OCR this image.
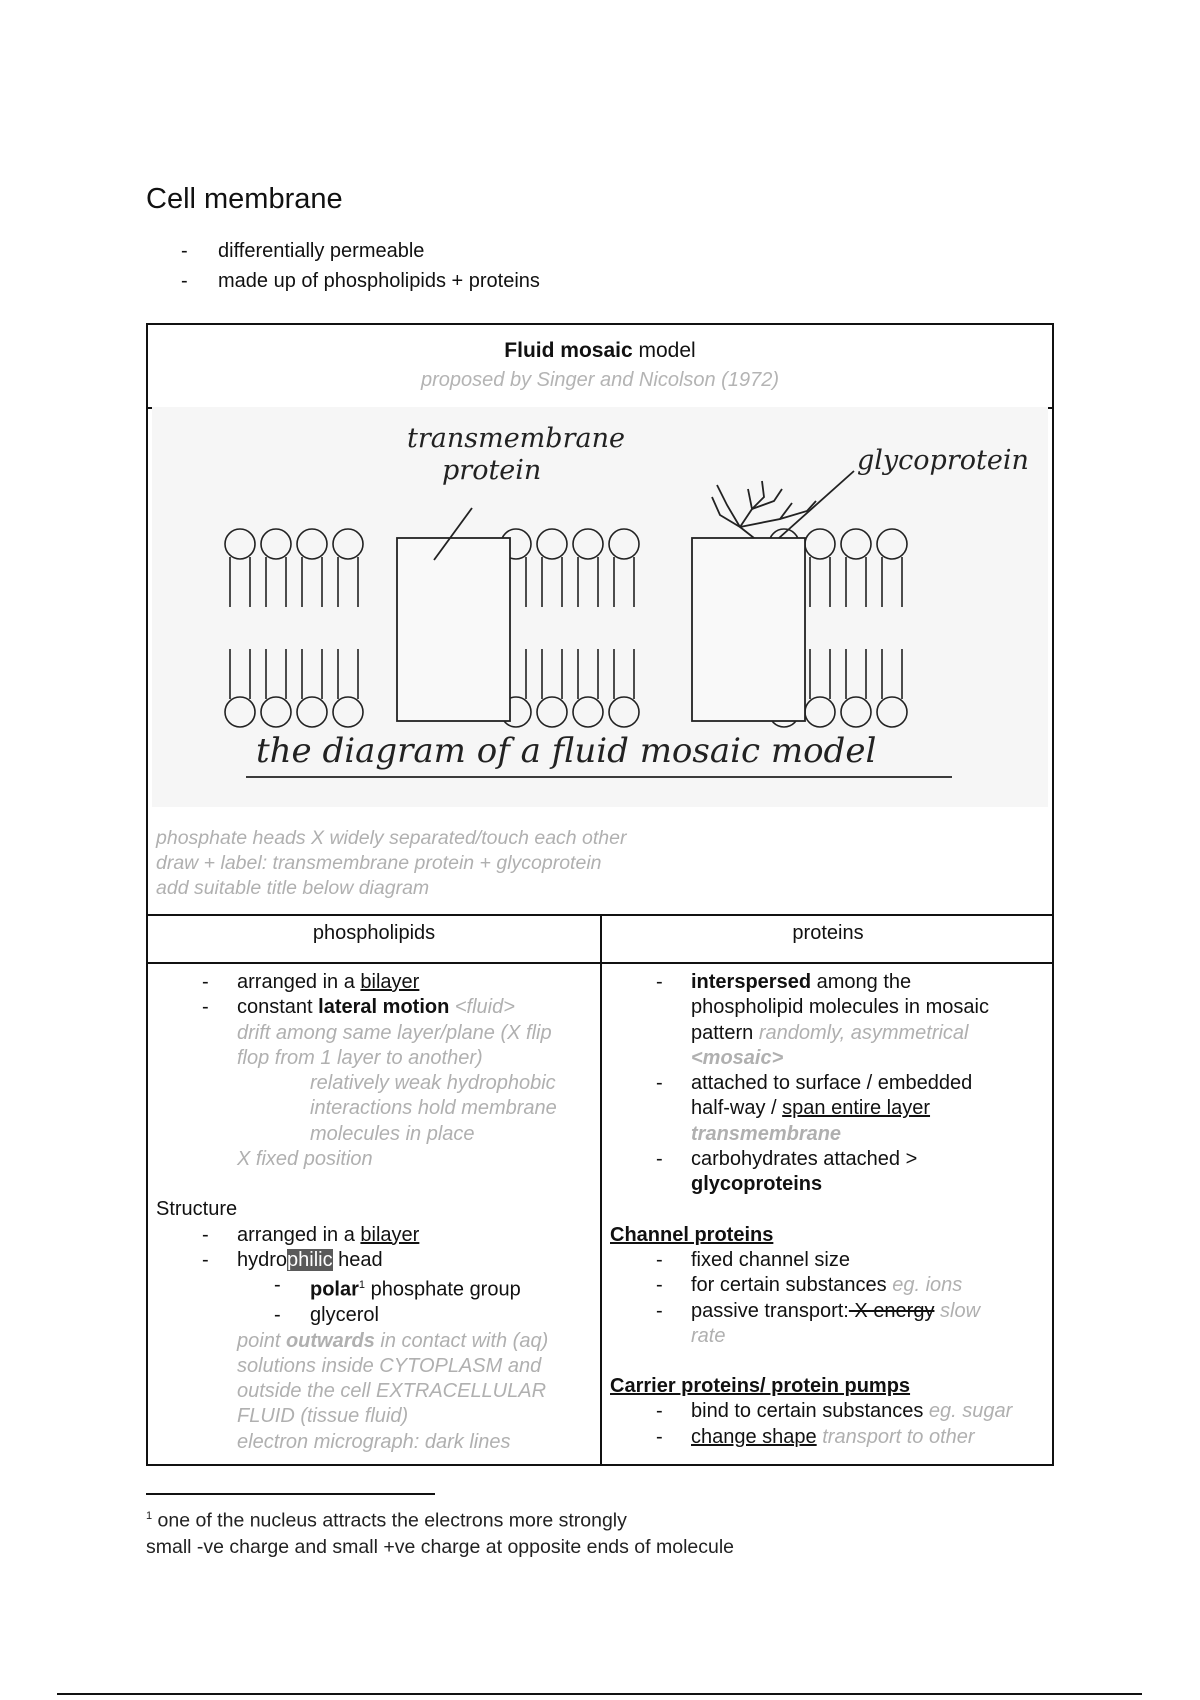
Cell membrane
- differentially permeable
- made up of phospholipids + proteins
Fluid mosaic model
proposed by Singer and Nicolson (1972)
transmembrane
protein	glycoprotein
the diagram of a fluid mosaic model
phosphate heads X widely separated/touch each other
draw + label: transmembrane protein + glycoprotein
add suitable title below diagram
phospholipids	proteins
- arranged in a bilayer
- constant lateral motion <fluid>
drift among same layer/plane (X flip
flop from 1 layer to another)
relatively weak hydrophobic
interactions hold membrane
molecules in place
X fixed position
Structure
- arranged in a bilayer
- hydrophilic head
- polar$^1$ phosphate group
- glycerol
point outwards in contact with (aq)
solutions inside CYTOPLASM and
outside the cell EXTRACELLULAR
FLUID (tissue fluid)
electron micrograph: dark lines
- interspersed among the
phospholipid molecules in mosaic
pattern randomly, asymmetrical
<mosaic>
- attached to surface / embedded
half-way / span entire layer
transmembrane
- carbohydrates attached >
glycoproteins
Channel proteins
- fixed channel size
- for certain substances eg. ions
- passive transport: X energy slow
rate
Carrier proteins/ protein pumps
- bind to certain substances eg. sugar
- change shape transport to other
$^1$ one of the nucleus attracts the electrons more strongly
small -ve charge and small +ve charge at opposite ends of molecule
